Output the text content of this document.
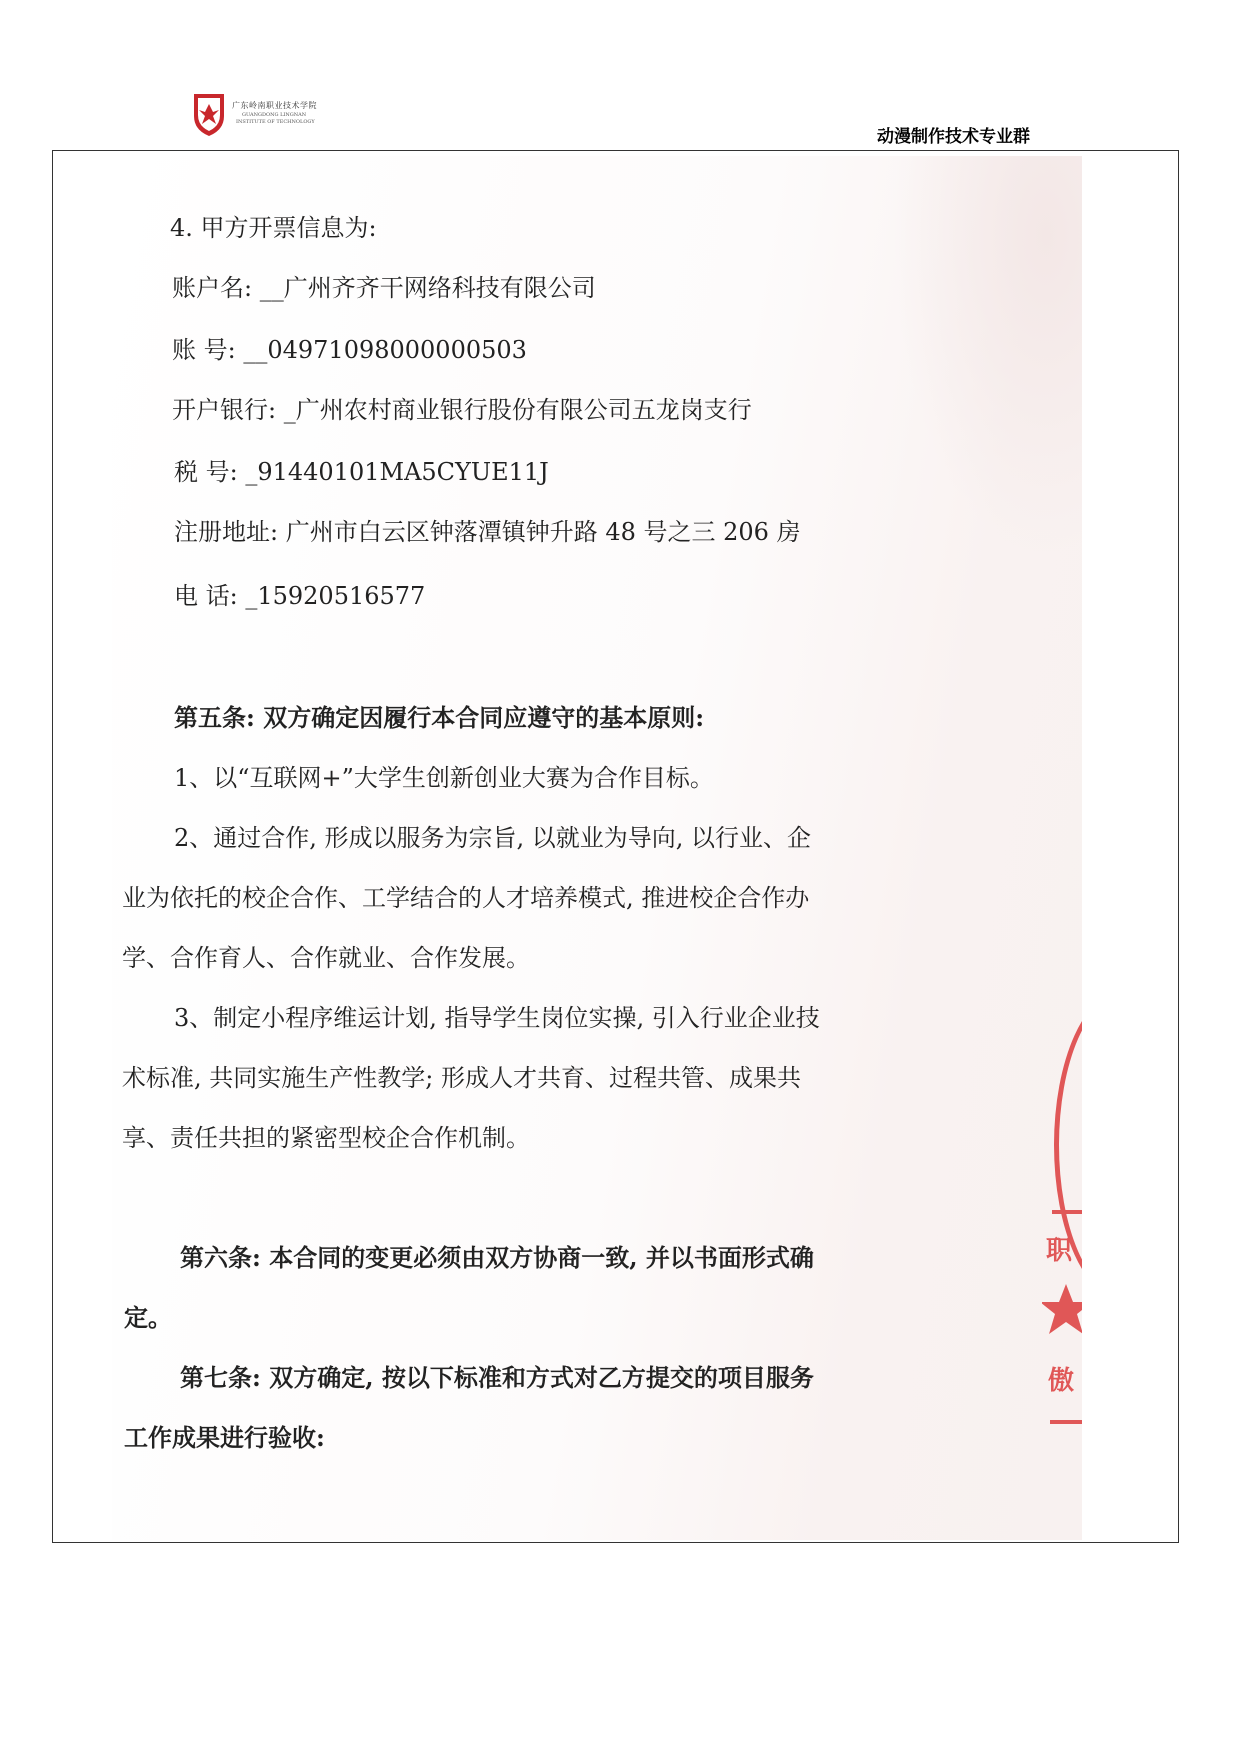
广东岭南职业技术学院
GUANGDONG LINGNAN
INSTITUTE OF TECHNOLOGY
动漫制作技术专业群
4. 甲方开票信息为:
账户名: __广州齐齐干网络科技有限公司
账 号: __04971098000000503
开户银行: _广州农村商业银行股份有限公司五龙岗支行
税 号: _91440101MA5CYUE11J
注册地址: 广州市白云区钟落潭镇钟升路 48 号之三 206 房
电 话: _15920516577
第五条: 双方确定因履行本合同应遵守的基本原则:
1、以“互联网+”大学生创新创业大赛为合作目标。
2、通过合作, 形成以服务为宗旨, 以就业为导向, 以行业、企
业为依托的校企合作、工学结合的人才培养模式, 推进校企合作办
学、合作育人、合作就业、合作发展。
3、制定小程序维运计划, 指导学生岗位实操, 引入行业企业技
术标准, 共同实施生产性教学; 形成人才共育、过程共管、成果共
享、责任共担的紧密型校企合作机制。
第六条: 本合同的变更必须由双方协商一致, 并以书面形式确
定。
第七条: 双方确定, 按以下标准和方式对乙方提交的项目服务
工作成果进行验收:
职
傲
